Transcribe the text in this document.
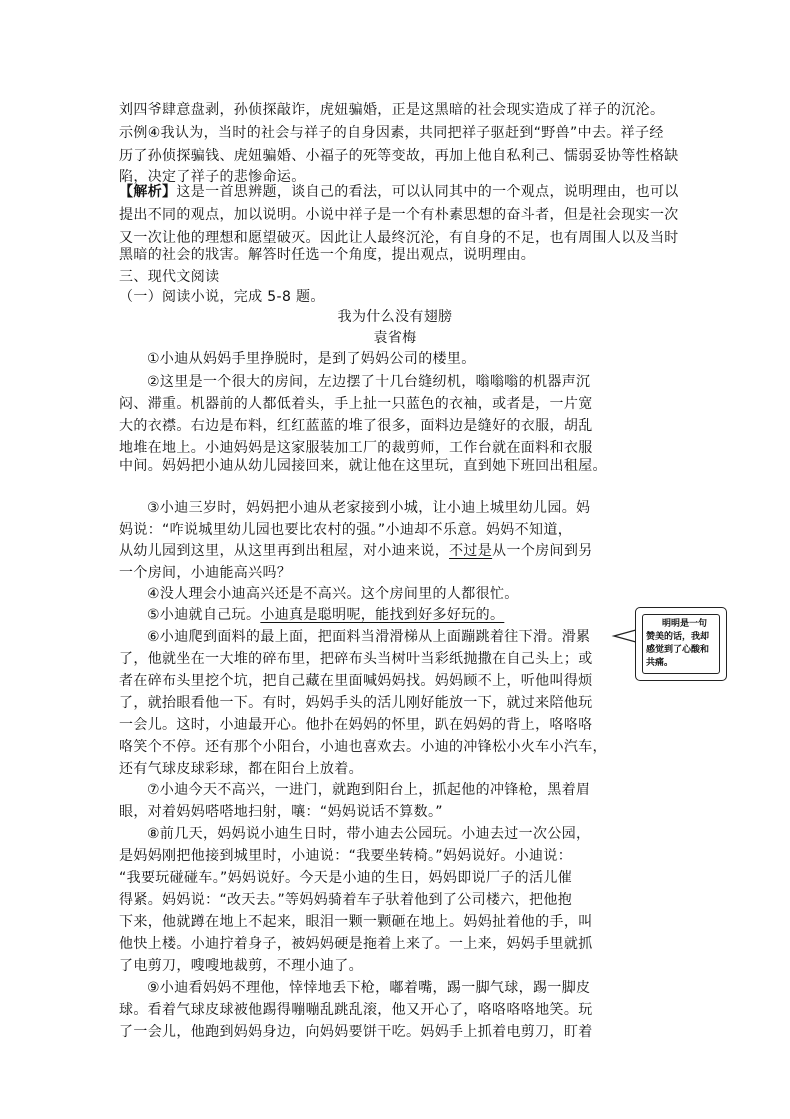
刘四爷肆意盘剥，孙侦探敲诈，虎妞骗婚，正是这黑暗的社会现实造成了祥子的沉沦。
示例④我认为，当时的社会与祥子的自身因素，共同把祥子驱赶到“野兽”中去。祥子经
历了孙侦探骗钱、虎妞骗婚、小福子的死等变故，再加上他自私利己、懦弱妥协等性格缺
陷，决定了祥子的悲惨命运。
【解析】这是一首思辨题，谈自己的看法，可以认同其中的一个观点，说明理由，也可以
提出不同的观点，加以说明。小说中祥子是一个有朴素思想的奋斗者，但是社会现实一次
又一次让他的理想和愿望破灭。因此让人最终沉沦，有自身的不足，也有周围人以及当时
黑暗的社会的戕害。解答时任选一个角度，提出观点，说明理由。
三、现代文阅读
（一）阅读小说，完成 5-8 题。
我为什么没有翅膀
袁省梅
①小迪从妈妈手里挣脱时，是到了妈妈公司的楼里。
②这里是一个很大的房间，左边摆了十几台缝纫机，嗡嗡嗡的机器声沉
闷、滞重。机器前的人都低着头，手上扯一只蓝色的衣袖，或者是，一片宽
大的衣襟。右边是布料，红红蓝蓝的堆了很多，面料边是缝好的衣服，胡乱
地堆在地上。小迪妈妈是这家服装加工厂的裁剪师，工作台就在面料和衣服
中间。妈妈把小迪从幼儿园接回来，就让他在这里玩，直到她下班回出租屋。
③小迪三岁时，妈妈把小迪从老家接到小城，让小迪上城里幼儿园。妈
妈说：“咋说城里幼儿园也要比农村的强。”小迪却不乐意。妈妈不知道，
从幼儿园到这里，从这里再到出租屋，对小迪来说，不过是从一个房间到另
一个房间，小迪能高兴吗？
④没人理会小迪高兴还是不高兴。这个房间里的人都很忙。
⑤小迪就自己玩。小迪真是聪明呢，能找到好多好玩的。
⑥小迪爬到面料的最上面，把面料当滑滑梯从上面蹦跳着往下滑。滑累
了，他就坐在一大堆的碎布里，把碎布头当树叶当彩纸抛撒在自己头上；或
者在碎布头里挖个坑，把自己藏在里面喊妈妈找。妈妈顾不上，听他叫得烦
了，就抬眼看他一下。有时，妈妈手头的活儿刚好能放一下，就过来陪他玩
一会儿。这时，小迪最开心。他扑在妈妈的怀里，趴在妈妈的背上，咯咯咯
咯笑个不停。还有那个小阳台，小迪也喜欢去。小迪的冲锋松小火车小汽车，
还有气球皮球彩球，都在阳台上放着。
⑦小迪今天不高兴，一进门，就跑到阳台上，抓起他的冲锋枪，黑着眉
眼，对着妈妈嗒嗒地扫射，嚷：“妈妈说话不算数。”
⑧前几天，妈妈说小迪生日时，带小迪去公园玩。小迪去过一次公园，
是妈妈刚把他接到城里时，小迪说：“我要坐转椅。”妈妈说好。小迪说：
“我要玩碰碰车。”妈妈说好。今天是小迪的生日，妈妈即说厂子的活儿催
得紧。妈妈说：“改天去。”等妈妈骑着车子驮着他到了公司楼六，把他抱
下来，他就蹲在地上不起来，眼泪一颗一颗砸在地上。妈妈扯着他的手，叫
他快上楼。小迪拧着身子，被妈妈硬是拖着上来了。一上来，妈妈手里就抓
了电剪刀，嗖嗖地裁剪，不理小迪了。
⑨小迪看妈妈不理他，悻悻地丢下枪，嘟着嘴，踢一脚气球，踢一脚皮
球。看着气球皮球被他踢得嘣嘣乱跳乱滚，他又开心了，咯咯咯咯地笑。玩
了一会儿，他跑到妈妈身边，向妈妈要饼干吃。妈妈手上抓着电剪刀，盯着
明明是一句
赞美的话，我却
感觉到了心酸和
共痛。
